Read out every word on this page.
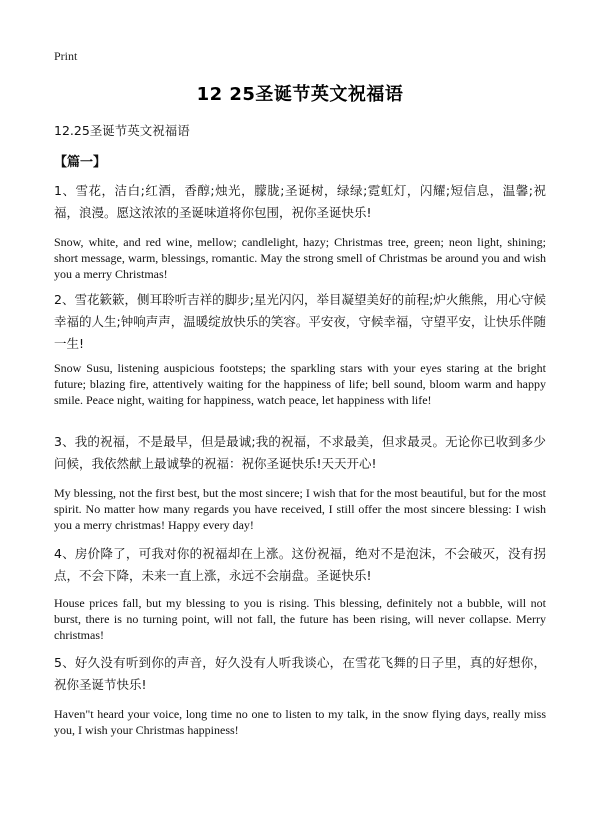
Print
12 25圣诞节英文祝福语
12.25圣诞节英文祝福语
【篇一】

1、雪花，洁白;红酒，香醇;烛光，朦胧;圣诞树，绿绿;霓虹灯，闪耀;短信息，温馨;祝福，浪漫。愿这浓浓的圣诞味道将你包围，祝你圣诞快乐!

Snow, white, and red wine, mellow; candlelight, hazy; Christmas tree, green; neon light, shining; short message, warm, blessings, romantic. May the strong smell of Christmas be around you and wish you a merry Christmas!

2、雪花簌簌，侧耳聆听吉祥的脚步;星光闪闪，举目凝望美好的前程;炉火熊熊，用心守候幸福的人生;钟响声声，温暖绽放快乐的笑容。平安夜，守候幸福，守望平安，让快乐伴随一生!

Snow Susu, listening auspicious footsteps; the sparkling stars with your eyes staring at the bright future; blazing fire, attentively waiting for the happiness of life; bell sound, bloom warm and happy smile. Peace night, waiting for happiness, watch peace, let happiness with life!

3、我的祝福，不是最早，但是最诚;我的祝福，不求最美，但求最灵。无论你已收到多少问候，我依然献上最诚挚的祝福：祝你圣诞快乐!天天开心!

My blessing, not the first best, but the most sincere; I wish that for the most beautiful, but for the most spirit. No matter how many regards you have received, I still offer the most sincere blessing: I wish you a merry christmas! Happy every day!

4、房价降了，可我对你的祝福却在上涨。这份祝福，绝对不是泡沫，不会破灭，没有拐点，不会下降，未来一直上涨，永远不会崩盘。圣诞快乐!

House prices fall, but my blessing to you is rising. This blessing, definitely not a bubble, will not burst, there is no turning point, will not fall, the future has been rising, will never collapse. Merry christmas!

5、好久没有听到你的声音，好久没有人听我谈心，在雪花飞舞的日子里，真的好想你，祝你圣诞节快乐!

Haven"t heard your voice, long time no one to listen to my talk, in the snow flying days, really miss you, I wish your Christmas happiness!
